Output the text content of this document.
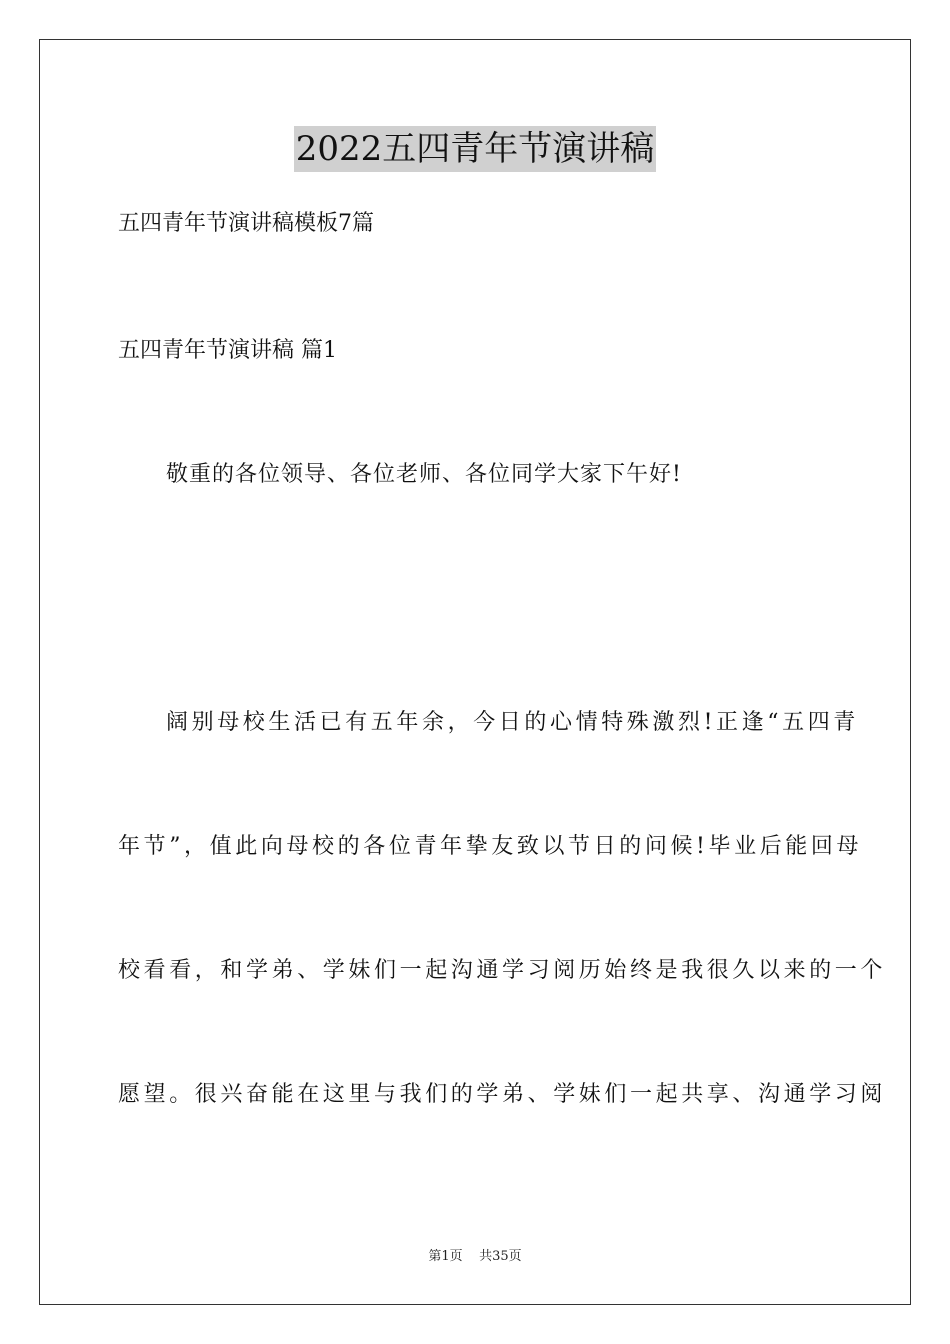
2022五四青年节演讲稿
五四青年节演讲稿模板7篇
五四青年节演讲稿 篇1
敬重的各位领导、各位老师、各位同学大家下午好!
阔别母校生活已有五年余，今日的心情特殊激烈!正逢“五四青
年节”，值此向母校的各位青年挚友致以节日的问候!毕业后能回母
校看看，和学弟、学妹们一起沟通学习阅历始终是我很久以来的一个
愿望。很兴奋能在这里与我们的学弟、学妹们一起共享、沟通学习阅
第1页 共35页
